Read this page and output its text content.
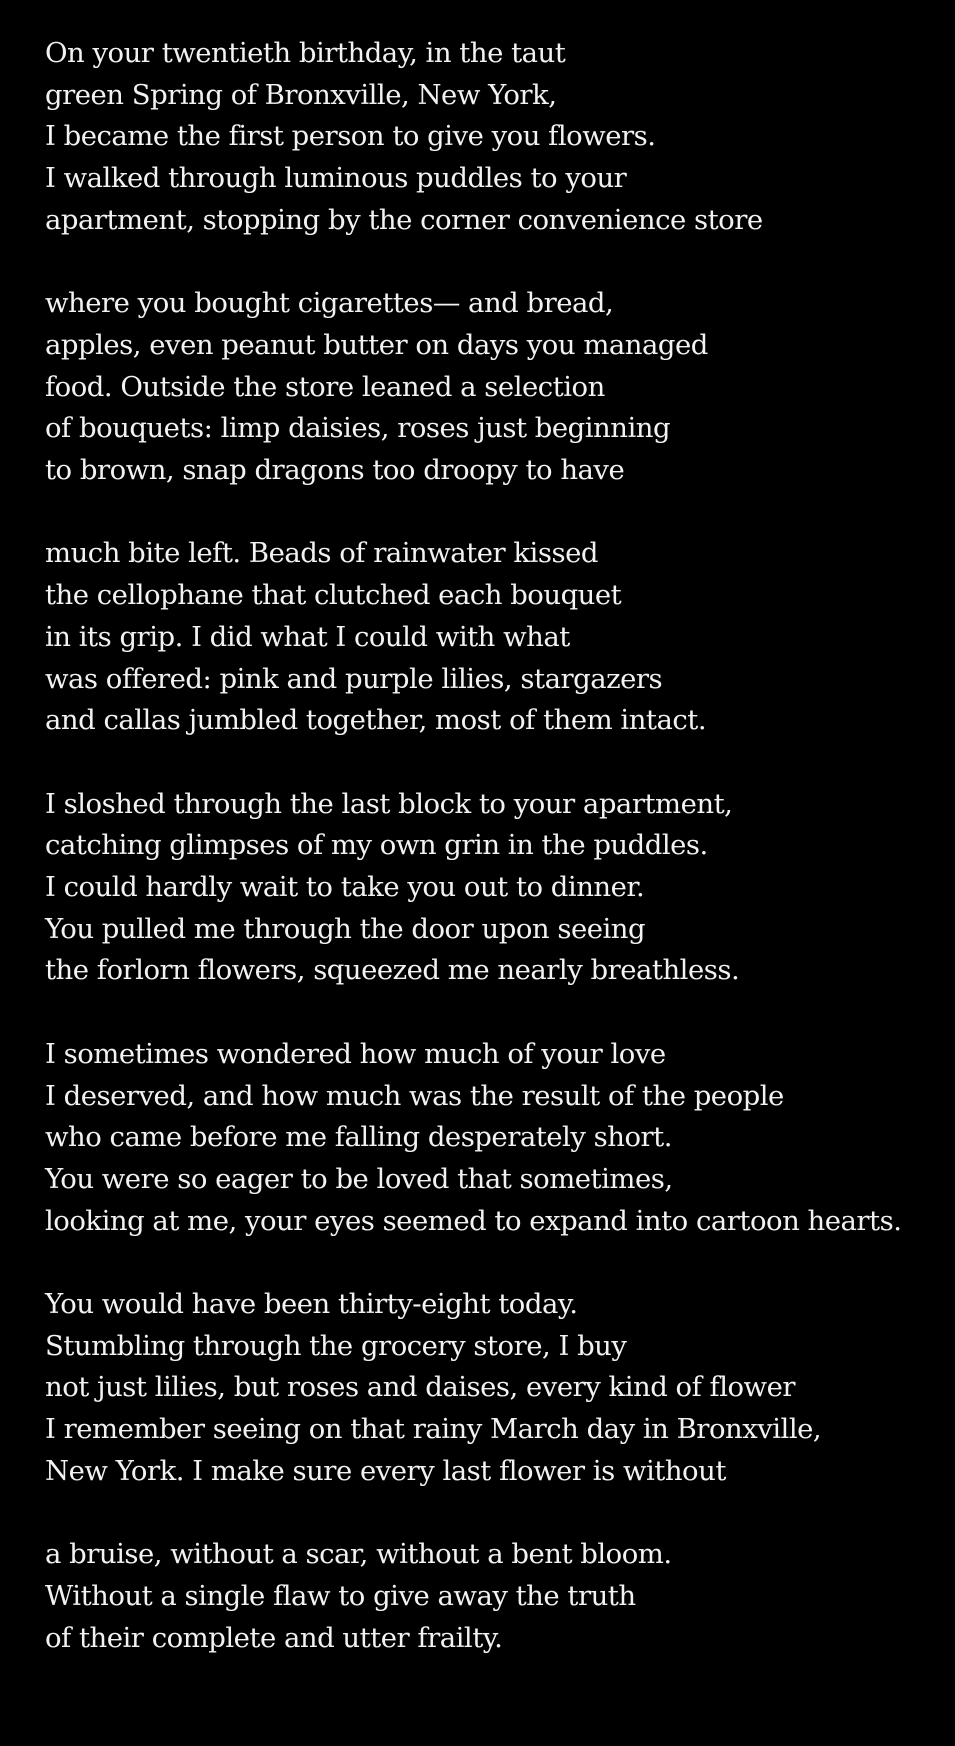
On your twentieth birthday, in the taut
green Spring of Bronxville, New York,
I became the first person to give you flowers.
I walked through luminous puddles to your
apartment, stopping by the corner convenience store
where you bought cigarettes— and bread,
apples, even peanut butter on days you managed
food. Outside the store leaned a selection
of bouquets: limp daisies, roses just beginning
to brown, snap dragons too droopy to have
much bite left. Beads of rainwater kissed
the cellophane that clutched each bouquet
in its grip. I did what I could with what
was offered: pink and purple lilies, stargazers
and callas jumbled together, most of them intact.
I sloshed through the last block to your apartment,
catching glimpses of my own grin in the puddles.
I could hardly wait to take you out to dinner.
You pulled me through the door upon seeing
the forlorn flowers, squeezed me nearly breathless.
I sometimes wondered how much of your love
I deserved, and how much was the result of the people
who came before me falling desperately short.
You were so eager to be loved that sometimes,
looking at me, your eyes seemed to expand into cartoon hearts.
You would have been thirty-eight today.
Stumbling through the grocery store, I buy
not just lilies, but roses and daises, every kind of flower
I remember seeing on that rainy March day in Bronxville,
New York. I make sure every last flower is without
a bruise, without a scar, without a bent bloom.
Without a single flaw to give away the truth
of their complete and utter frailty.
